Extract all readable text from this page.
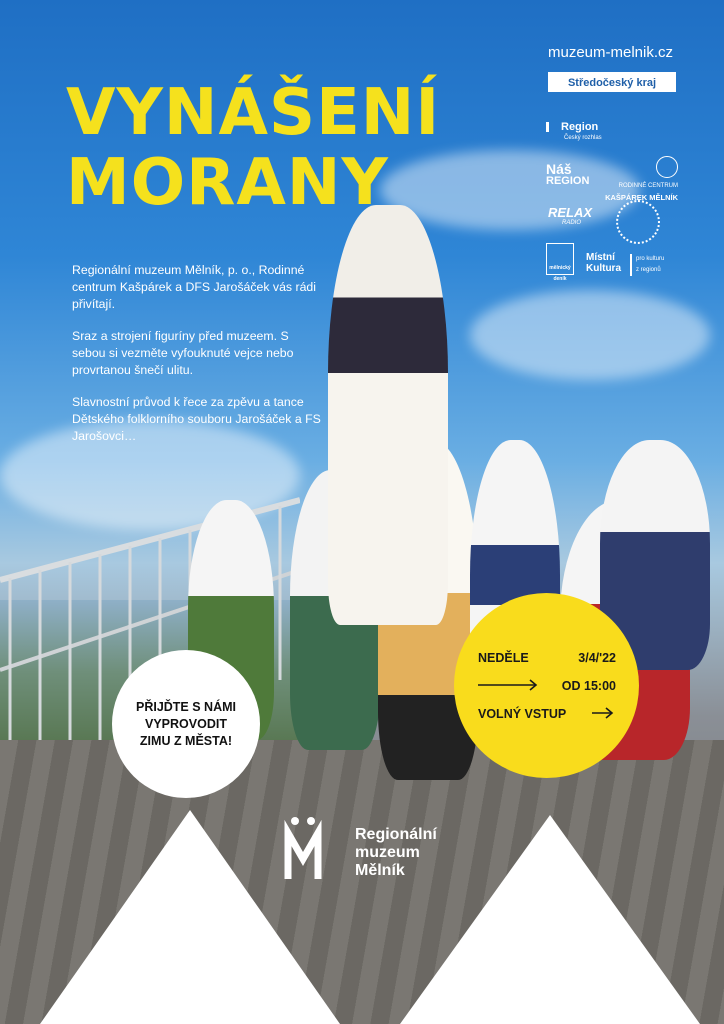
VYNÁŠENÍ
MORANY

Regionální muzeum Mělník, p. o., Rodinné centrum Kašpárek a DFS Jarošáček vás rádi přivítají.

Sraz a strojení figuríny před muzeem. S sebou si vezměte vyfouknuté vejce nebo provrtanou šnečí ulitu.

Slavnostní průvod k řece za zpěvu a tance Dětského folklorního souboru Jarošáček a FS Jarošovci…

muzeum-melnik.cz
Středočeský kraj
Region
Český rozhlas
Náš
REGION	RODINNÉ CENTRUM
KAŠPÁREK MĚLNÍK
RELAX
RADIO
mělnický deník
Místní
Kultura
pro kulturu
z regionů
PŘIJĎTE S NÁMI
VYPROVODIT
ZIMU Z MĚSTA!
NEDĚLE	3/4/'22
OD 15:00
VOLNÝ VSTUP
Regionální
muzeum
Mělník
